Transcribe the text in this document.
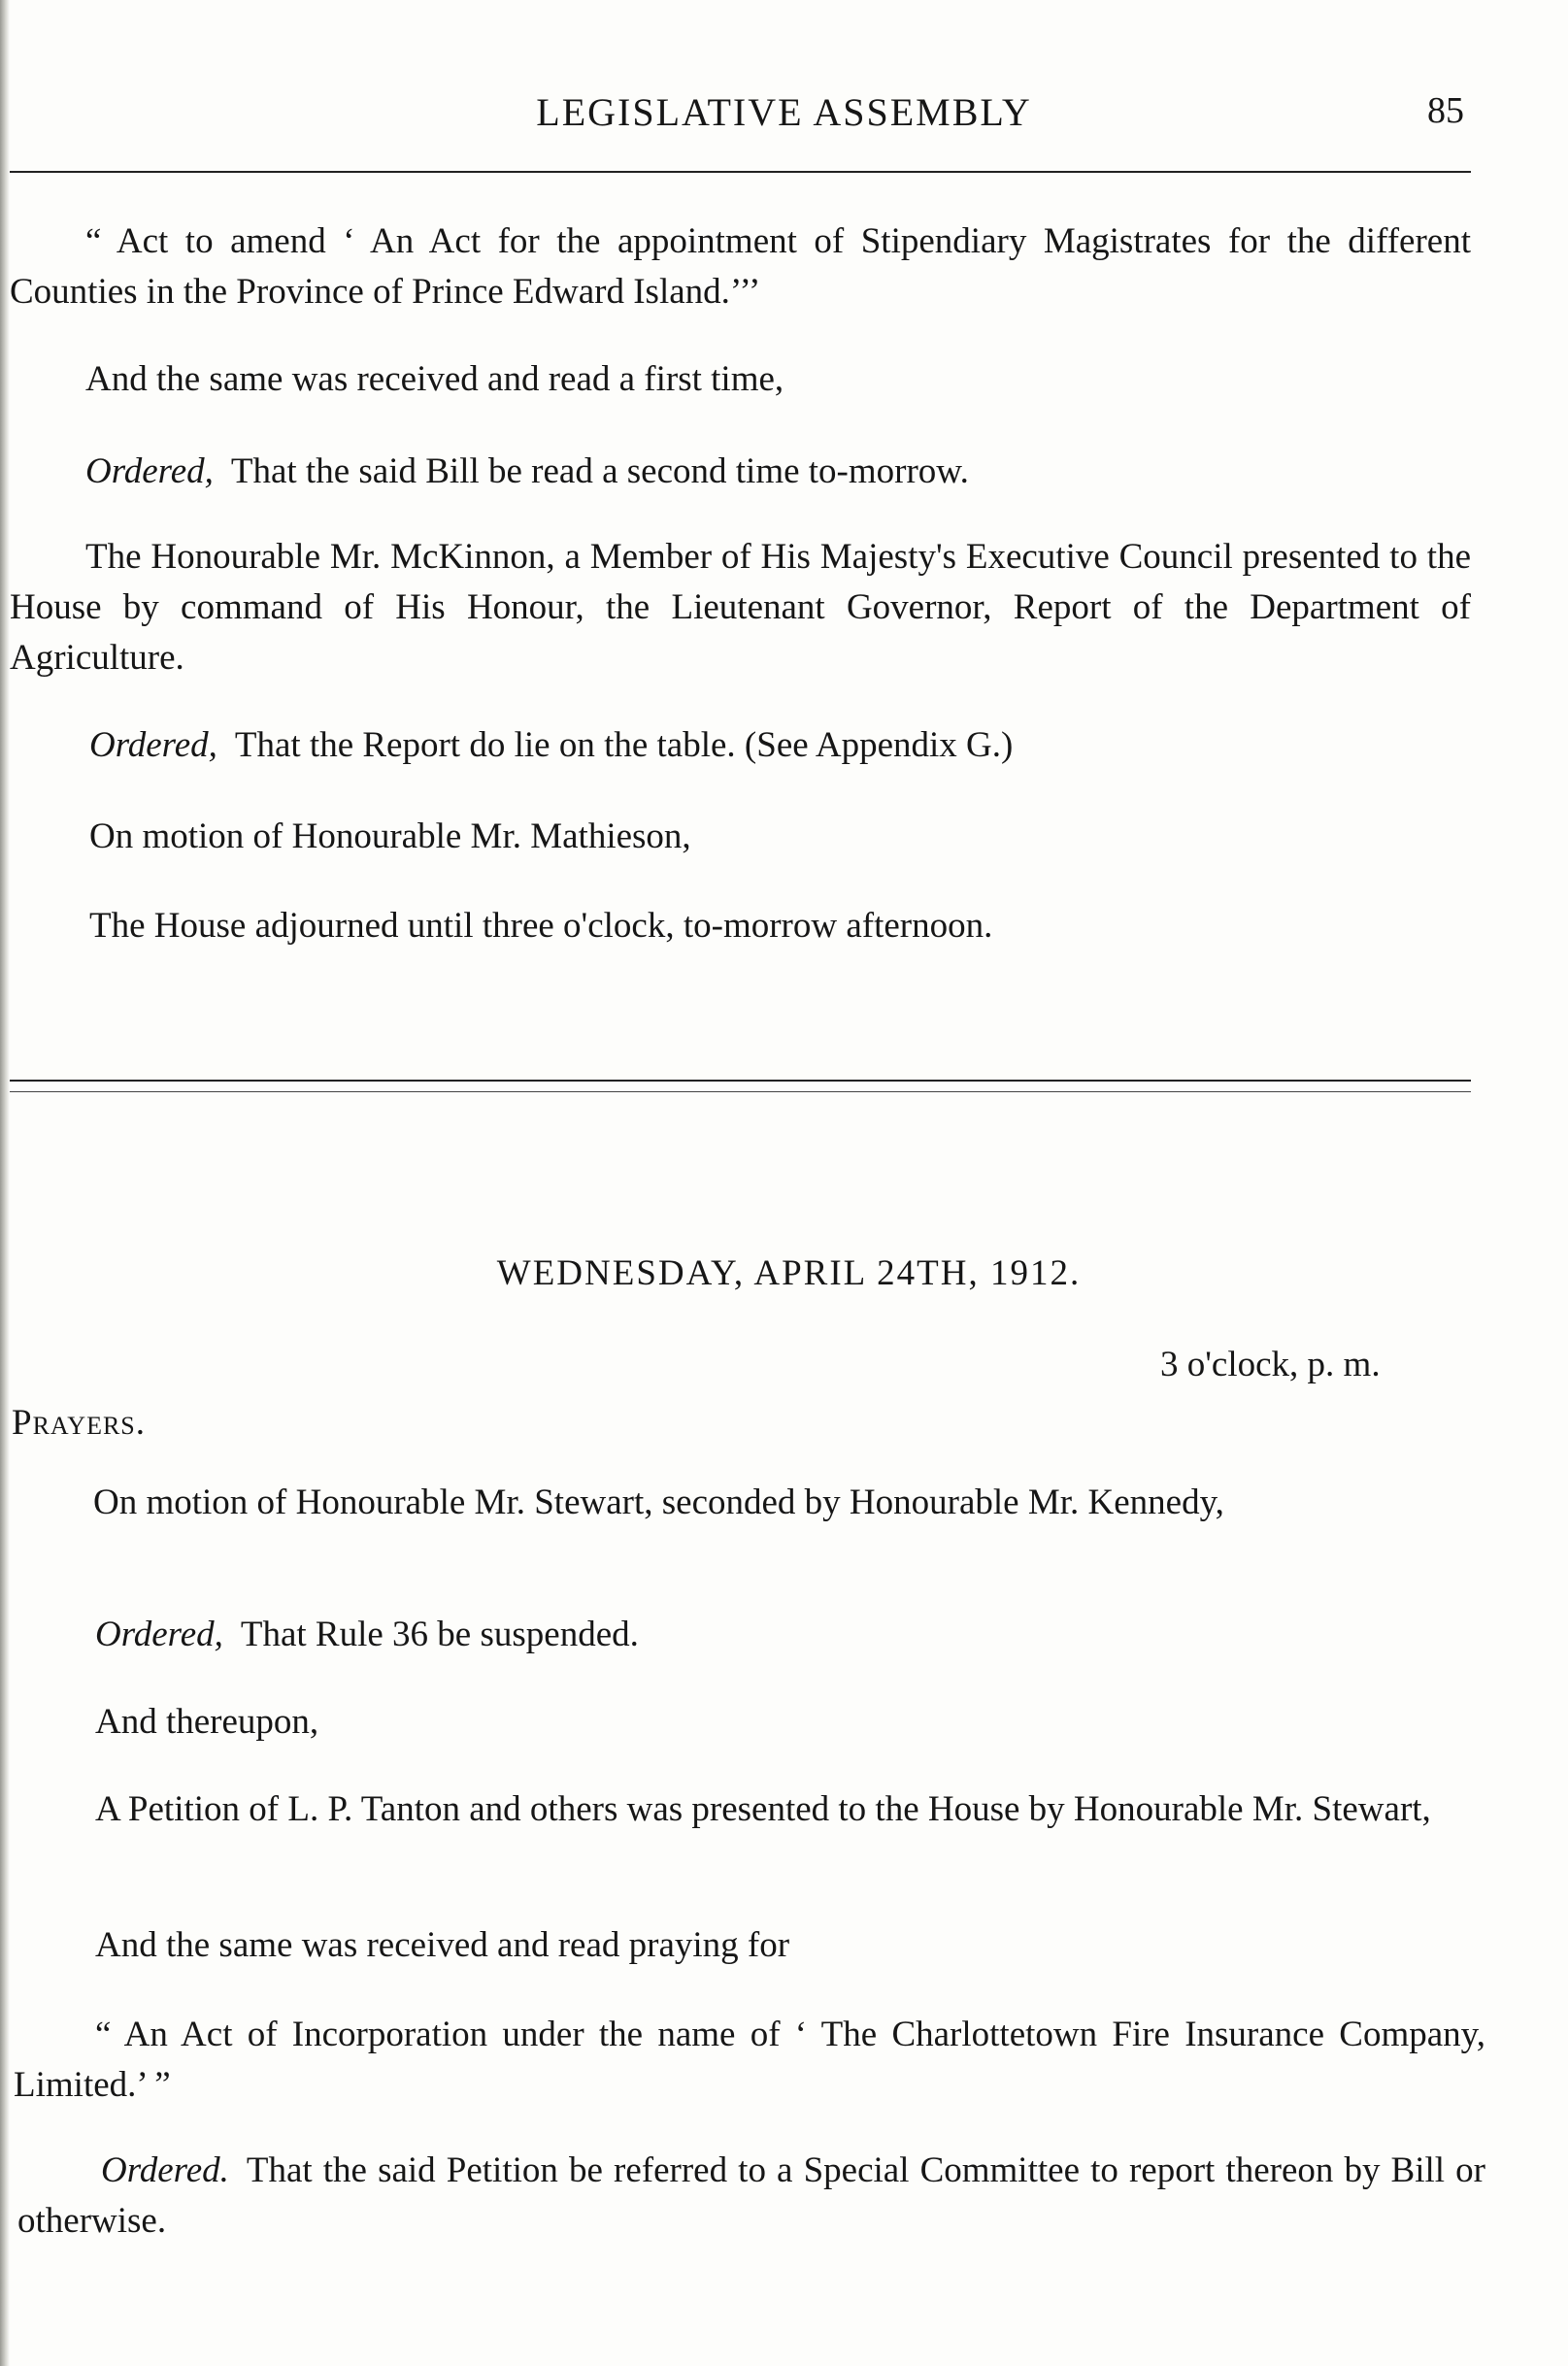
LEGISLATIVE ASSEMBLY	85

“ Act to amend ‘ An Act for the appointment of Stipendiary Magistrates for the different Counties in the Province of Prince Edward Island.’’’

And the same was received and read a first time,

Ordered, That the said Bill be read a second time to-morrow.

The Honourable Mr. McKinnon, a Member of His Majesty's Executive Council presented to the House by command of His Honour, the Lieutenant Governor, Report of the Department of Agriculture.

Ordered, That the Report do lie on the table. (See Appendix G.)

On motion of Honourable Mr. Mathieson,

The House adjourned until three o'clock, to-morrow afternoon.

WEDNESDAY, APRIL 24TH, 1912.

3 o'clock, p. m.

Prayers.

On motion of Honourable Mr. Stewart, seconded by Honourable Mr. Kennedy,

Ordered, That Rule 36 be suspended.

And thereupon,

A Petition of L. P. Tanton and others was presented to the House by Honourable Mr. Stewart,

And the same was received and read praying for

“ An Act of Incorporation under the name of ‘ The Charlottetown Fire Insurance Company, Limited.’ ”

Ordered. That the said Petition be referred to a Special Committee to report thereon by Bill or otherwise.
